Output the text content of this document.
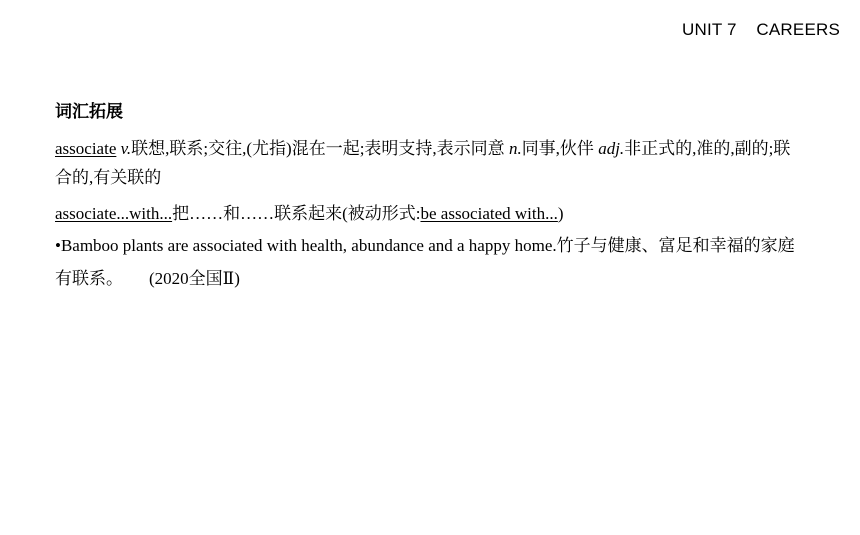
UNIT 7    CAREERS
词汇拓展
associate v.联想,联系;交往,(尤指)混在一起;表明支持,表示同意 n.同事,伙伴 adj.非正式的,准的,副的;联合的,有关联的
associate...with...把……和……联系起来(被动形式:be associated with...)
•Bamboo plants are associated with health, abundance and a happy home.竹子与健康、富足和幸福的家庭有联系。 (2020全国Ⅱ)
